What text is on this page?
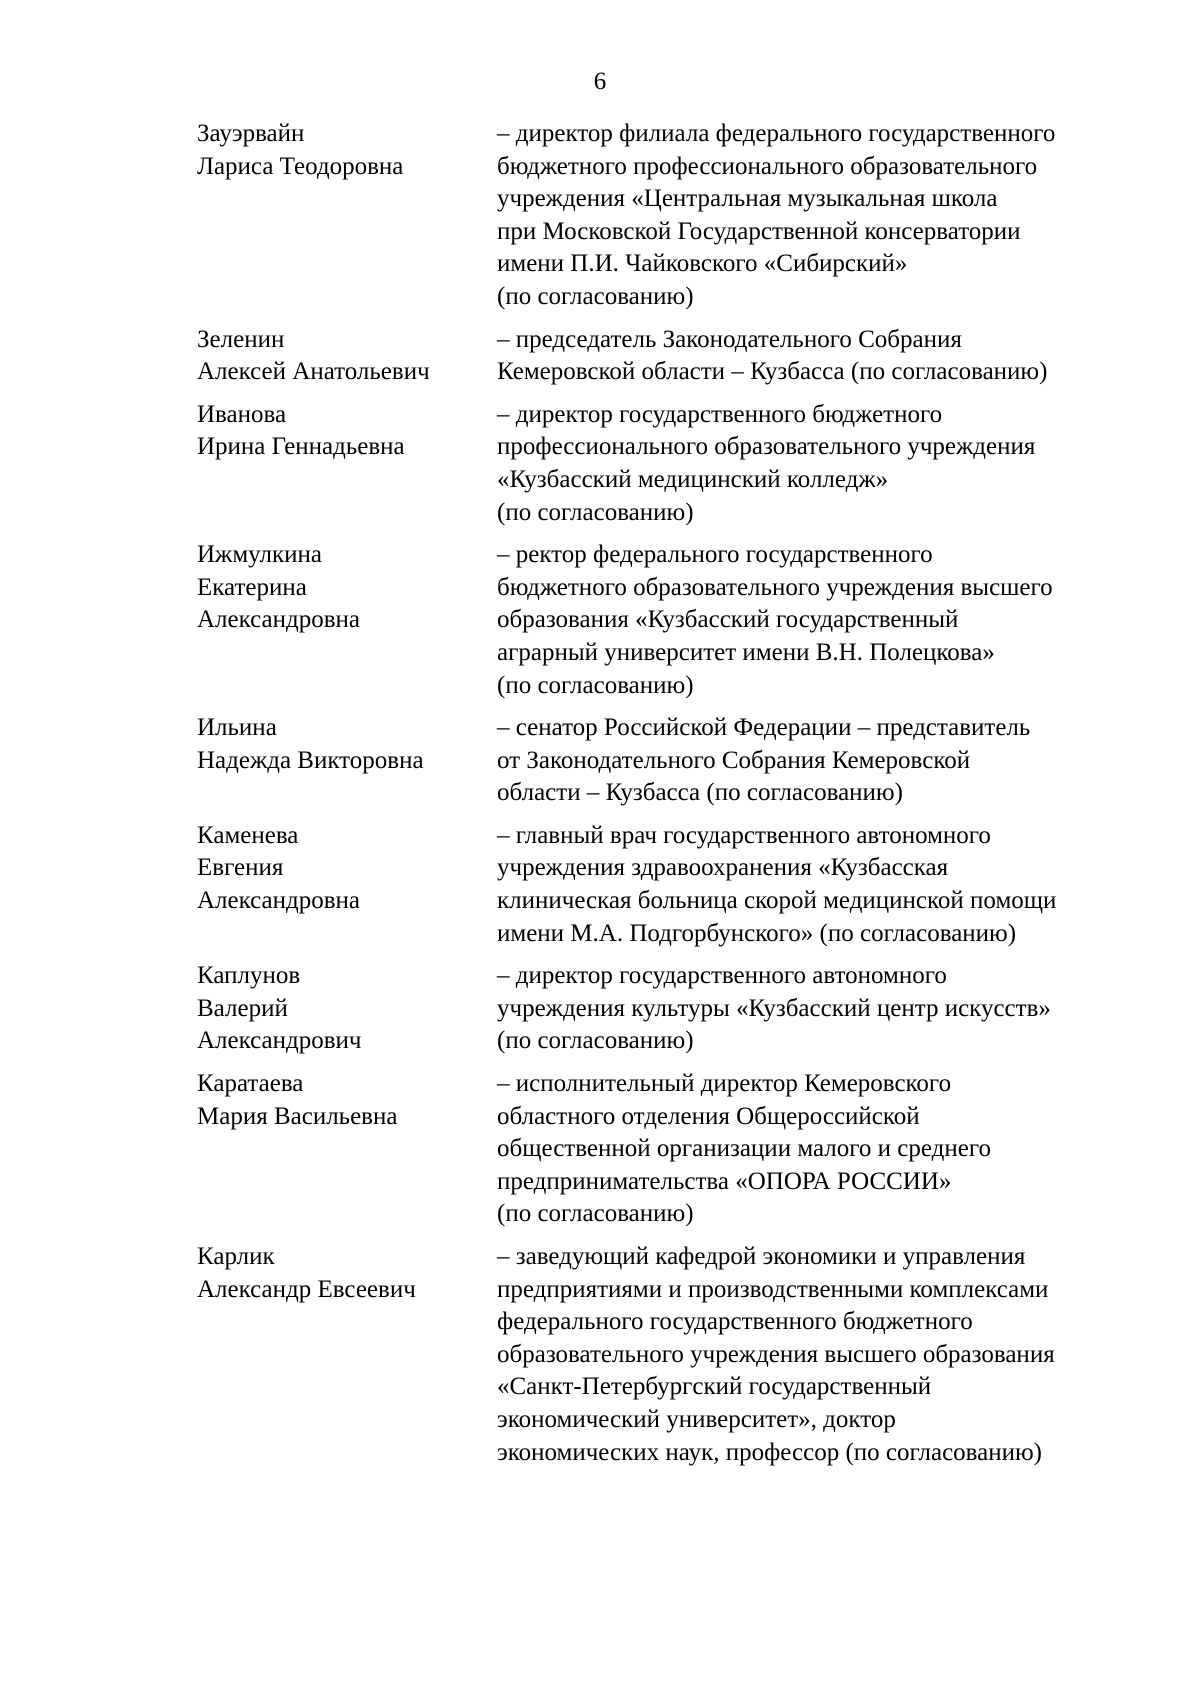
6
Зауэрвайн
Лариса Теодоровна
– директор филиала федерального государственного
бюджетного профессионального образовательного
учреждения «Центральная музыкальная школа
при Московской Государственной консерватории
имени П.И. Чайковского «Сибирский»
(по согласованию)
Зеленин
Алексей Анатольевич
– председатель Законодательного Собрания
Кемеровской области – Кузбасса (по согласованию)
Иванова
Ирина Геннадьевна
– директор государственного бюджетного
профессионального образовательного учреждения
«Кузбасский медицинский колледж»
(по согласованию)
Ижмулкина
Екатерина
Александровна
– ректор федерального государственного
бюджетного образовательного учреждения высшего
образования «Кузбасский государственный
аграрный университет имени В.Н. Полецкова»
(по согласованию)
Ильина
Надежда Викторовна
– сенатор Российской Федерации – представитель
от Законодательного Собрания Кемеровской
области – Кузбасса (по согласованию)
Каменева
Евгения
Александровна
– главный врач государственного автономного
учреждения здравоохранения «Кузбасская
клиническая больница скорой медицинской помощи
имени М.А. Подгорбунского» (по согласованию)
Каплунов
Валерий
Александрович
– директор государственного автономного
учреждения культуры «Кузбасский центр искусств»
(по согласованию)
Каратаева
Мария Васильевна
– исполнительный директор Кемеровского
областного отделения Общероссийской
общественной организации малого и среднего
предпринимательства «ОПОРА РОССИИ»
(по согласованию)
Карлик
Александр Евсеевич
– заведующий кафедрой экономики и управления
предприятиями и производственными комплексами
федерального государственного бюджетного
образовательного учреждения высшего образования
«Санкт-Петербургский государственный
экономический университет», доктор
экономических наук, профессор (по согласованию)
